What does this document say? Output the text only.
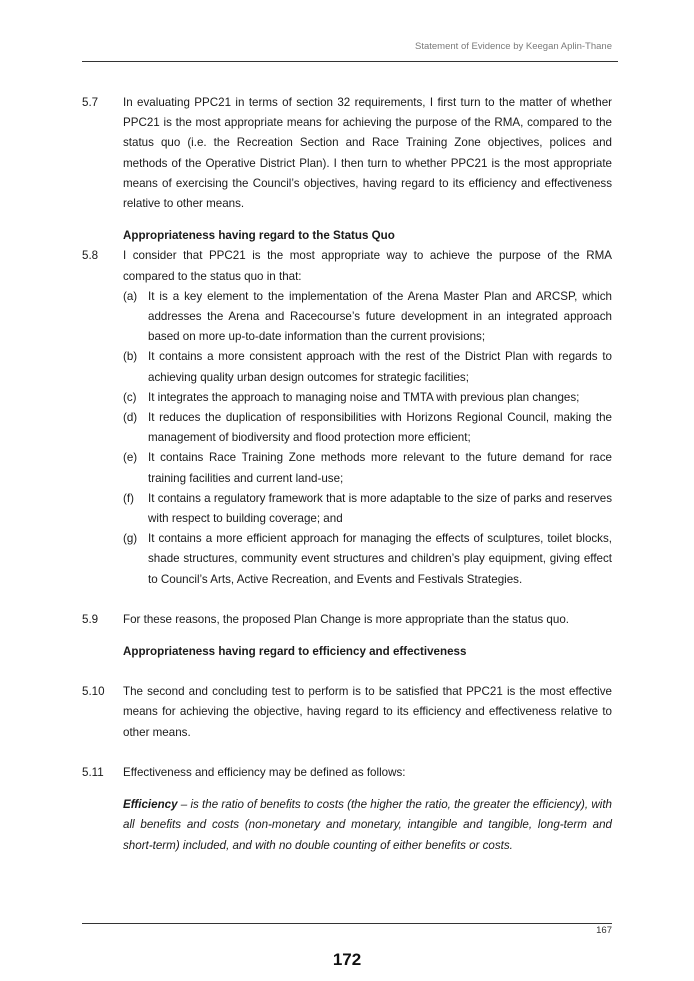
Statement of Evidence by Keegan Aplin-Thane
5.7 In evaluating PPC21 in terms of section 32 requirements, I first turn to the matter of whether PPC21 is the most appropriate means for achieving the purpose of the RMA, compared to the status quo (i.e. the Recreation Section and Race Training Zone objectives, polices and methods of the Operative District Plan). I then turn to whether PPC21 is the most appropriate means of exercising the Council’s objectives, having regard to its efficiency and effectiveness relative to other means.
Appropriateness having regard to the Status Quo
5.8 I consider that PPC21 is the most appropriate way to achieve the purpose of the RMA compared to the status quo in that:
(a) It is a key element to the implementation of the Arena Master Plan and ARCSP, which addresses the Arena and Racecourse’s future development in an integrated approach based on more up-to-date information than the current provisions;
(b) It contains a more consistent approach with the rest of the District Plan with regards to achieving quality urban design outcomes for strategic facilities;
(c) It integrates the approach to managing noise and TMTA with previous plan changes;
(d) It reduces the duplication of responsibilities with Horizons Regional Council, making the management of biodiversity and flood protection more efficient;
(e) It contains Race Training Zone methods more relevant to the future demand for race training facilities and current land-use;
(f) It contains a regulatory framework that is more adaptable to the size of parks and reserves with respect to building coverage; and
(g) It contains a more efficient approach for managing the effects of sculptures, toilet blocks, shade structures, community event structures and children’s play equipment, giving effect to Council’s Arts, Active Recreation, and Events and Festivals Strategies.
5.9 For these reasons, the proposed Plan Change is more appropriate than the status quo.
Appropriateness having regard to efficiency and effectiveness
5.10 The second and concluding test to perform is to be satisfied that PPC21 is the most effective means for achieving the objective, having regard to its efficiency and effectiveness relative to other means.
5.11 Effectiveness and efficiency may be defined as follows:
Efficiency – is the ratio of benefits to costs (the higher the ratio, the greater the efficiency), with all benefits and costs (non-monetary and monetary, intangible and tangible, long-term and short-term) included, and with no double counting of either benefits or costs.
167
172
